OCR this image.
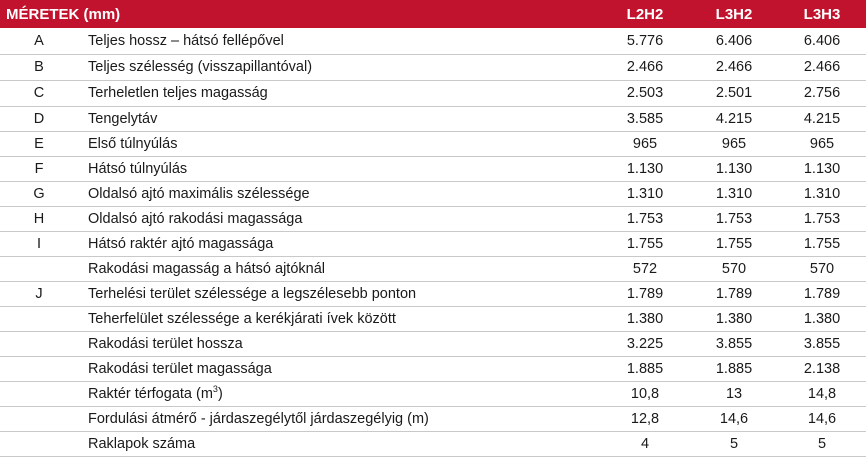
MÉRETEK (mm)		L2H2	L3H2	L3H3
A	Teljes hossz – hátsó fellépővel	5.776	6.406	6.406
B	Teljes szélesség (visszapillantóval)	2.466	2.466	2.466
C	Terheletlen teljes magasság	2.503	2.501	2.756
D	Tengelytáv	3.585	4.215	4.215
E	Első túlnyúlás	965	965	965
F	Hátsó túlnyúlás	1.130	1.130	1.130
G	Oldalsó ajtó maximális szélessége	1.310	1.310	1.310
H	Oldalsó ajtó rakodási magassága	1.753	1.753	1.753
I	Hátsó raktér ajtó magassága	1.755	1.755	1.755
	Rakodási magasság a hátsó ajtóknál	572	570	570
J	Terhelési terület szélessége a legszélesebb ponton	1.789	1.789	1.789
	Teherfelület szélessége a kerékjárati ívek között	1.380	1.380	1.380
	Rakodási terület hossza	3.225	3.855	3.855
	Rakodási terület magassága	1.885	1.885	2.138
	Raktér térfogata $(m^3)$	10,8	13	14,8
	Fordulási átmérő - járdaszegélytől járdaszegélyig (m)	12,8	14,6	14,6
	Raklapok száma	4	5	5
